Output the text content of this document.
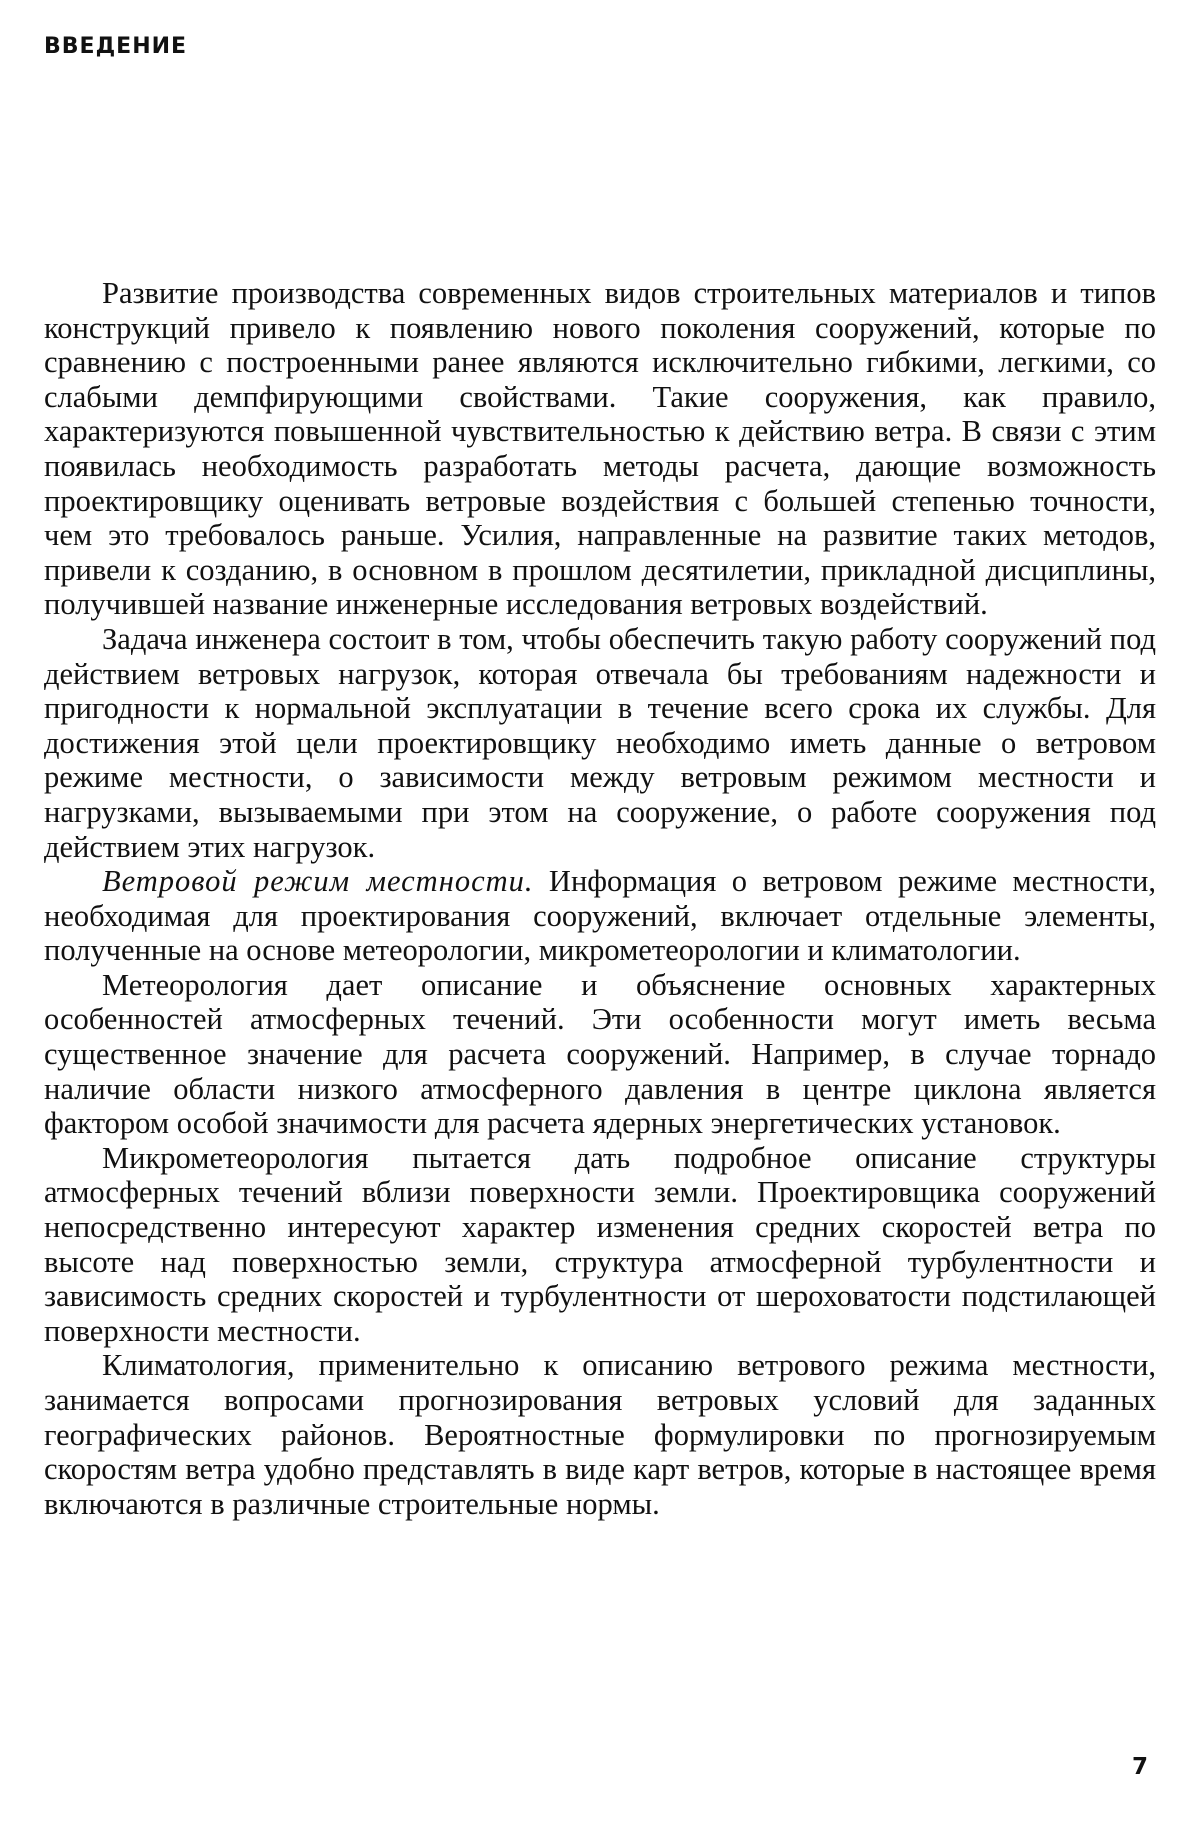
ВВЕДЕНИЕ

Развитие производства современных видов строительных материалов и типов конструкций привело к появлению нового поколения сооружений, которые по сравнению с построенными ранее являются исключительно гибкими, легкими, со слабыми демпфирующими свойствами. Такие сооружения, как правило, характеризуются повышенной чувствительностью к действию ветра. В связи с этим появилась необходимость разработать методы расчета, дающие возможность проектировщику оценивать ветровые воздействия с большей степенью точности, чем это требовалось раньше. Усилия, направленные на развитие таких методов, привели к созданию, в основном в прошлом десятилетии, прикладной дисциплины, получившей название инженерные исследования ветровых воздействий.

Задача инженера состоит в том, чтобы обеспечить такую работу сооружений под действием ветровых нагрузок, которая отвечала бы требованиям надежности и пригодности к нормальной эксплуатации в течение всего срока их службы. Для достижения этой цели проектировщику необходимо иметь данные о ветровом режиме местности, о зависимости между ветровым режимом местности и нагрузками, вызываемыми при этом на сооружение, о работе сооружения под действием этих нагрузок.

Ветровой режим местности. Информация о ветровом режиме местности, необходимая для проектирования сооружений, включает отдельные элементы, полученные на основе метеорологии, микрометеорологии и климатологии.

Метеорология дает описание и объяснение основных характерных особенностей атмосферных течений. Эти особенности могут иметь весьма существенное значение для расчета сооружений. Например, в случае торнадо наличие области низкого атмосферного давления в центре циклона является фактором особой значимости для расчета ядерных энергетических установок.

Микрометеорология пытается дать подробное описание структуры атмосферных течений вблизи поверхности земли. Проектировщика сооружений непосредственно интересуют характер изменения средних скоростей ветра по высоте над поверхностью земли, структура атмосферной турбулентности и зависимость средних скоростей и турбулентности от шероховатости подстилающей поверхности местности.

Климатология, применительно к описанию ветрового режима местности, занимается вопросами прогнозирования ветровых условий для заданных географических районов. Вероятностные формулировки по прогнозируемым скоростям ветра удобно представлять в виде карт ветров, которые в настоящее время включаются в различные строительные нормы.

7
